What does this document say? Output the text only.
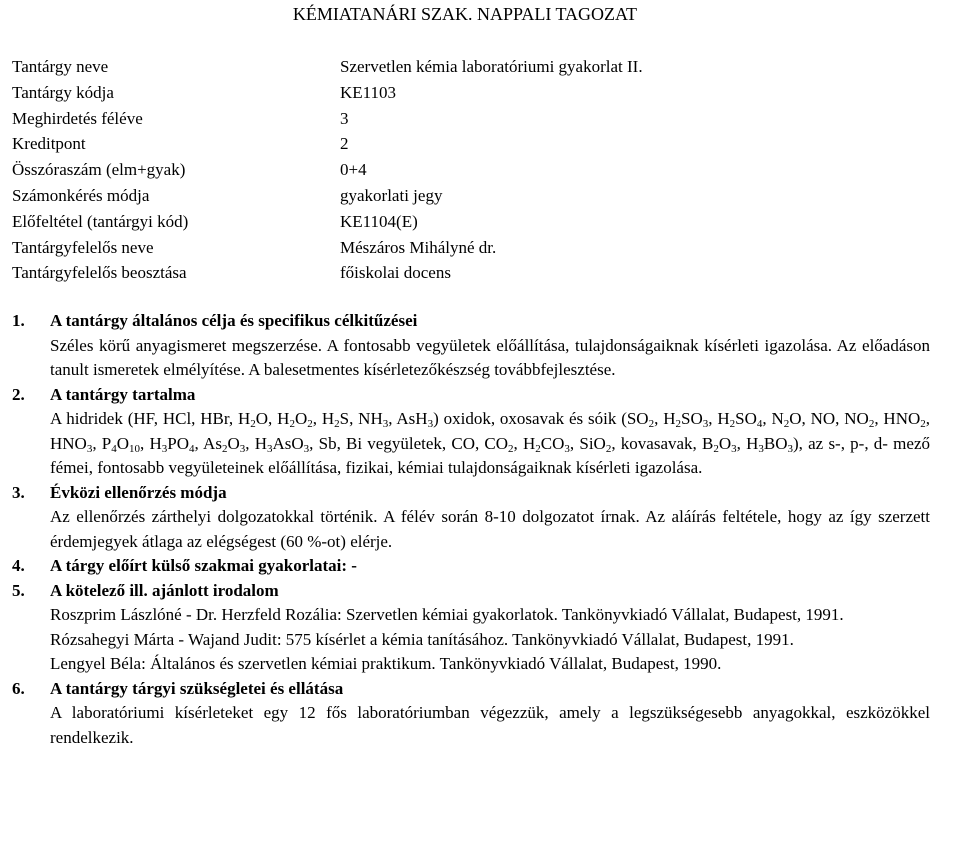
KÉMIATANÁRI SZAK. NAPPALI TAGOZAT
Tantárgy neve	Szervetlen kémia laboratóriumi gyakorlat II.
Tantárgy kódja	KE1103
Meghirdetés féléve	3
Kreditpont	2
Összóraszám (elm+gyak)	0+4
Számonkérés módja	gyakorlati jegy
Előfeltétel (tantárgyi kód)	KE1104(E)
Tantárgyfelelős neve	Mészáros Mihályné dr.
Tantárgyfelelős beosztása	főiskolai docens
1.	A tantárgy általános célja és specifikus célkitűzései

Széles körű anyagismeret megszerzése. A fontosabb vegyületek előállítása, tulajdonságaiknak kísérleti igazolása. Az előadáson tanult ismeretek elmélyítése. A balesetmentes kísérletezőkészség továbbfejlesztése.

2.	A tantárgy tartalma

A hidridek (HF, HCl, HBr, $H_2O$, $H_2O_2$, $H_2S$, $NH_3$, AsH$_3$) oxidok, oxosavak és sóik ($SO_2$, $H_2SO_3$, $H_2SO_4$, $N_2O$, NO, $NO_2$, $HNO_2$, $HNO_3$, $P_4O_{10}$, $H_3PO_4$, $As_2O_3$, $H_3AsO_3$, Sb, Bi vegyületek, CO, $CO_2$, $H_2CO_3$, SiO$_2$, kovasavak, $B_2O_3$, $H_3BO_3$), az s-, p-, d- mező fémei, fontosabb vegyületeinek előállítása, fizikai, kémiai tulajdonságaiknak kísérleti igazolása.

3.	Évközi ellenőrzés módja

Az ellenőrzés zárthelyi dolgozatokkal történik. A félév során 8-10 dolgozatot írnak. Az aláírás feltétele, hogy az így szerzett érdemjegyek átlaga az elégségest (60 %-ot) elérje.

4.	A tárgy előírt külső szakmai gyakorlatai: -
5.	A kötelező ill. ajánlott irodalom

Roszprim Lászlóné - Dr. Herzfeld Rozália: Szervetlen kémiai gyakorlatok. Tankönyvkiadó Vállalat, Budapest, 1991.

Rózsahegyi Márta - Wajand Judit: 575 kísérlet a kémia tanításához. Tankönyvkiadó Vállalat, Budapest, 1991.

Lengyel Béla: Általános és szervetlen kémiai praktikum. Tankönyvkiadó Vállalat, Budapest, 1990.

6.	A tantárgy tárgyi szükségletei és ellátása

A laboratóriumi kísérleteket egy 12 fős laboratóriumban végezzük, amely a legszükségesebb anyagokkal, eszközökkel rendelkezik.
